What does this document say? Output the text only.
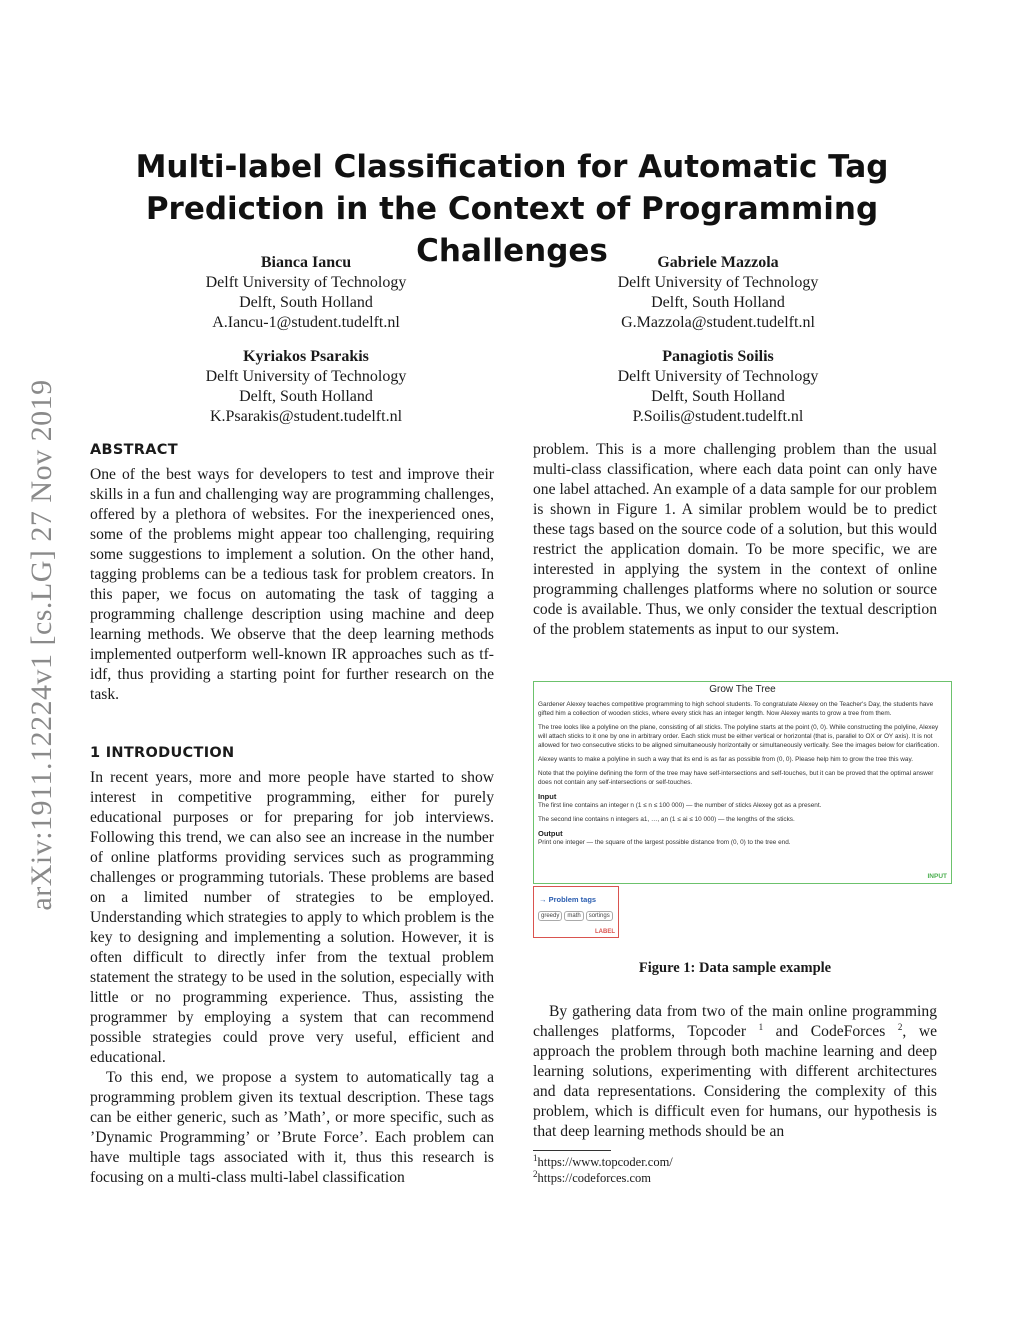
arXiv:1911.12224v1 [cs.LG] 27 Nov 2019
Multi-label Classification for Automatic Tag
Prediction in the Context of Programming Challenges
Bianca Iancu
Delft University of Technology
Delft, South Holland
A.Iancu-1@student.tudelft.nl
Gabriele Mazzola
Delft University of Technology
Delft, South Holland
G.Mazzola@student.tudelft.nl
Kyriakos Psarakis
Delft University of Technology
Delft, South Holland
K.Psarakis@student.tudelft.nl
Panagiotis Soilis
Delft University of Technology
Delft, South Holland
P.Soilis@student.tudelft.nl

ABSTRACT

One of the best ways for developers to test and improve their skills in a fun and challenging way are programming challenges, offered by a plethora of websites. For the inexperienced ones, some of the problems might appear too challenging, requiring some suggestions to implement a solution. On the other hand, tagging problems can be a tedious task for problem creators. In this paper, we focus on automating the task of tagging a programming challenge description using machine and deep learning methods. We observe that the deep learning methods implemented outperform well-known IR approaches such as tf-idf, thus providing a starting point for further research on the task.

1 INTRODUCTION

In recent years, more and more people have started to show interest in competitive programming, either for purely educational purposes or for preparing for job interviews. Following this trend, we can also see an increase in the number of online platforms providing services such as programming challenges or programming tutorials. These problems are based on a limited number of strategies to be employed. Understanding which strategies to apply to which problem is the key to designing and implementing a solution. However, it is often difficult to directly infer from the textual problem statement the strategy to be used in the solution, especially with little or no programming experience. Thus, assisting the programmer by employing a system that can recommend possible strategies could prove very useful, efficient and educational.

To this end, we propose a system to automatically tag a programming problem given its textual description. These tags can be either generic, such as ’Math’, or more specific, such as ’Dynamic Programming’ or ’Brute Force’. Each problem can have multiple tags associated with it, thus this research is focusing on a multi-class multi-label classification

problem. This is a more challenging problem than the usual multi-class classification, where each data point can only have one label attached. An example of a data sample for our problem is shown in Figure 1. A similar problem would be to predict these tags based on the source code of a solution, but this would restrict the application domain. To be more specific, we are interested in applying the system in the context of online programming challenges platforms where no solution or source code is available. Thus, we only consider the textual description of the problem statements as input to our system.

Grow The Tree

Gardener Alexey teaches competitive programming to high school students. To congratulate Alexey on the Teacher's Day, the students have gifted him a collection of wooden sticks, where every stick has an integer length. Now Alexey wants to grow a tree from them.

The tree looks like a polyline on the plane, consisting of all sticks. The polyline starts at the point (0, 0). While constructing the polyline, Alexey will attach sticks to it one by one in arbitrary order. Each stick must be either vertical or horizontal (that is, parallel to OX or OY axis). It is not allowed for two consecutive sticks to be aligned simultaneously horizontally or simultaneously vertically. See the images below for clarification.

Alexey wants to make a polyline in such a way that its end is as far as possible from (0, 0). Please help him to grow the tree this way.

Note that the polyline defining the form of the tree may have self-intersections and self-touches, but it can be proved that the optimal answer does not contain any self-intersections or self-touches.

Input

The first line contains an integer n (1 ≤ n ≤ 100 000) — the number of sticks Alexey got as a present.

The second line contains n integers a1, …, an (1 ≤ ai ≤ 10 000) — the lengths of the sticks.

Output

Print one integer — the square of the largest possible distance from (0, 0) to the tree end.

INPUT
→ Problem tags
greedy	math	sortings
LABEL
Figure 1: Data sample example
By gathering data from two of the main online programming challenges platforms, Topcoder $^1$ and CodeForces $^2$, we approach the problem through both machine learning and deep learning solutions, experimenting with different architectures and data representations. Considering the complexity of this problem, which is difficult even for humans, our hypothesis is that deep learning methods should be an
$^1$https://www.topcoder.com/
$^2$https://codeforces.com
